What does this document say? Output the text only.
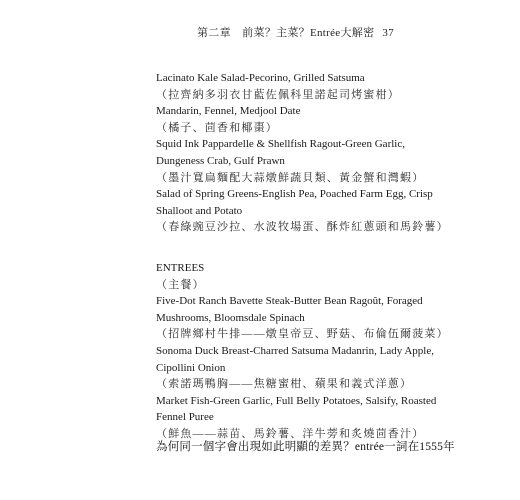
第二章　前菜？主菜？Entrée大解密 37

Lacinato Kale Salad-Pecorino, Grilled Satsuma

（拉齊納多羽衣甘藍佐佩科里諾起司烤蜜柑）

Mandarin, Fennel, Medjool Date

（橘子、茴香和椰棗）

Squid Ink Pappardelle & Shellfish Ragout-Green Garlic,

Dungeness Crab, Gulf Prawn

（墨汁寬扁麵配大蒜燉鮮蔬貝類、黃金蟹和灣蝦）

Salad of Spring Greens-English Pea, Poached Farm Egg, Crisp

Shalloot and Potato

（春綠豌豆沙拉、水波牧場蛋、酥炸紅蔥頭和馬鈴薯）

ENTREES

（主餐）

Five-Dot Ranch Bavette Steak-Butter Bean Ragoût, Foraged

Mushrooms, Bloomsdale Spinach

（招牌鄉村牛排——燉皇帝豆、野菇、布倫伍爾菠菜）

Sonoma Duck Breast-Charred Satsuma Madanrin, Lady Apple,

Cipollini Onion

（索諾瑪鴨胸——焦糖蜜柑、蘋果和義式洋蔥）

Market Fish-Green Garlic, Full Belly Potatoes, Salsify, Roasted

Fennel Puree

（鮮魚——蒜苗、馬鈴薯、洋牛蒡和炙燒茴香汁）

為何同一個字會出現如此明顯的差異？entrée一詞在1555年
